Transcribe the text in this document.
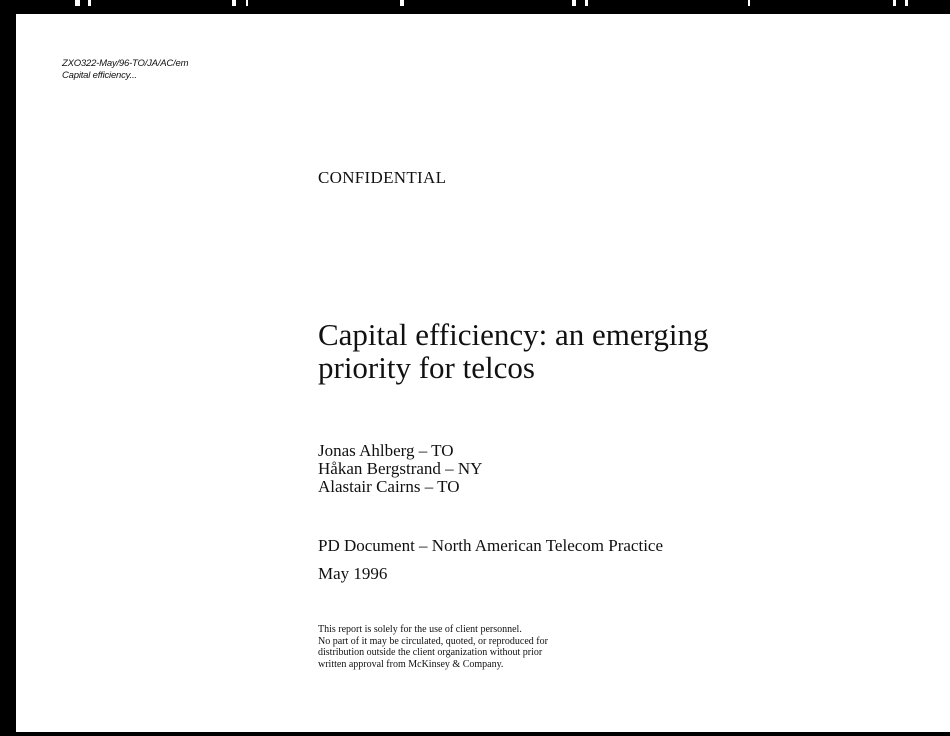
ZXO322-May/96-TO/JA/AC/em
Capital efficiency...
CONFIDENTIAL
Capital efficiency: an emerging
priority for telcos
Jonas Ahlberg – TO
Håkan Bergstrand – NY
Alastair Cairns – TO
PD Document – North American Telecom Practice
May 1996
This report is solely for the use of client personnel.
No part of it may be circulated, quoted, or reproduced for
distribution outside the client organization without prior
written approval from McKinsey & Company.
